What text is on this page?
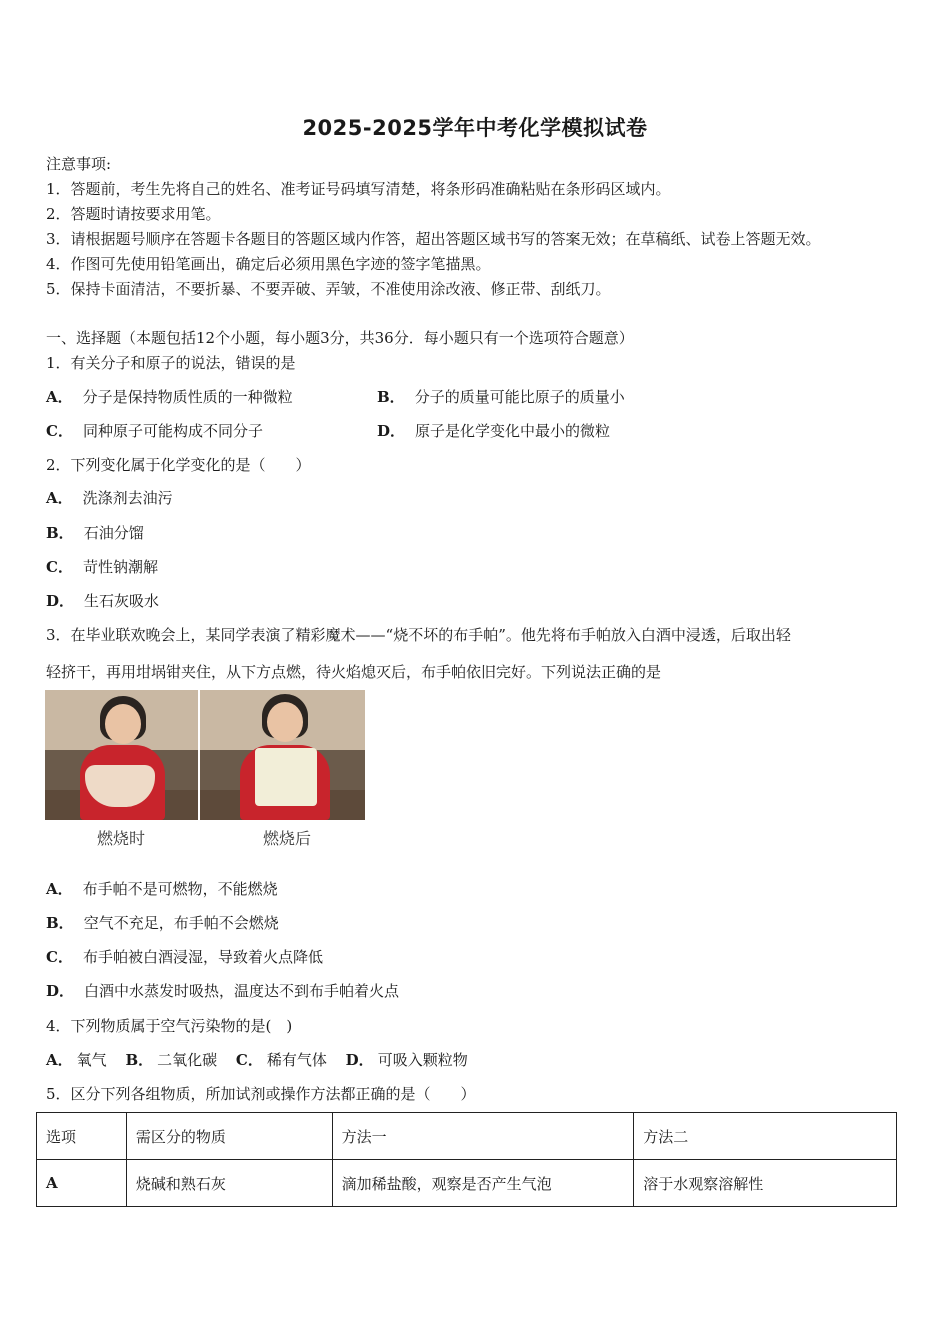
2025-2025学年中考化学模拟试卷
注意事项:
1．答题前，考生先将自己的姓名、准考证号码填写清楚，将条形码准确粘贴在条形码区域内。
2．答题时请按要求用笔。
3．请根据题号顺序在答题卡各题目的答题区域内作答，超出答题区域书写的答案无效；在草稿纸、试卷上答题无效。
4．作图可先使用铅笔画出，确定后必须用黑色字迹的签字笔描黑。
5．保持卡面清洁，不要折暴、不要弄破、弄皱，不准使用涂改液、修正带、刮纸刀。
一、选择题（本题包括12个小题，每小题3分，共36分．每小题只有一个选项符合题意）
1．有关分子和原子的说法，错误的是
A． 分子是保持物质性质的一种微粒	B． 分子的质量可能比原子的质量小
C． 同种原子可能构成不同分子	D． 原子是化学变化中最小的微粒
2．下列变化属于化学变化的是（　　）
A． 洗涤剂去油污
B． 石油分馏
C． 苛性钠潮解
D． 生石灰吸水
3．在毕业联欢晚会上，某同学表演了精彩魔术——“烧不坏的布手帕”。他先将布手帕放入白酒中浸透，后取出轻
轻挤干，再用坩埚钳夹住，从下方点燃，待火焰熄灭后，布手帕依旧完好。下列说法正确的是
燃烧时	燃烧后
A． 布手帕不是可燃物，不能燃烧
B． 空气不充足，布手帕不会燃烧
C． 布手帕被白酒浸湿，导致着火点降低
D． 白酒中水蒸发时吸热，温度达不到布手帕着火点
4．下列物质属于空气污染物的是(　)
A． 氧气 B． 二氧化碳 C． 稀有气体 D． 可吸入颗粒物
5．区分下列各组物质，所加试剂或操作方法都正确的是（　　）
选项	需区分的物质	方法一	方法二
A	烧碱和熟石灰	滴加稀盐酸，观察是否产生气泡	溶于水观察溶解性
